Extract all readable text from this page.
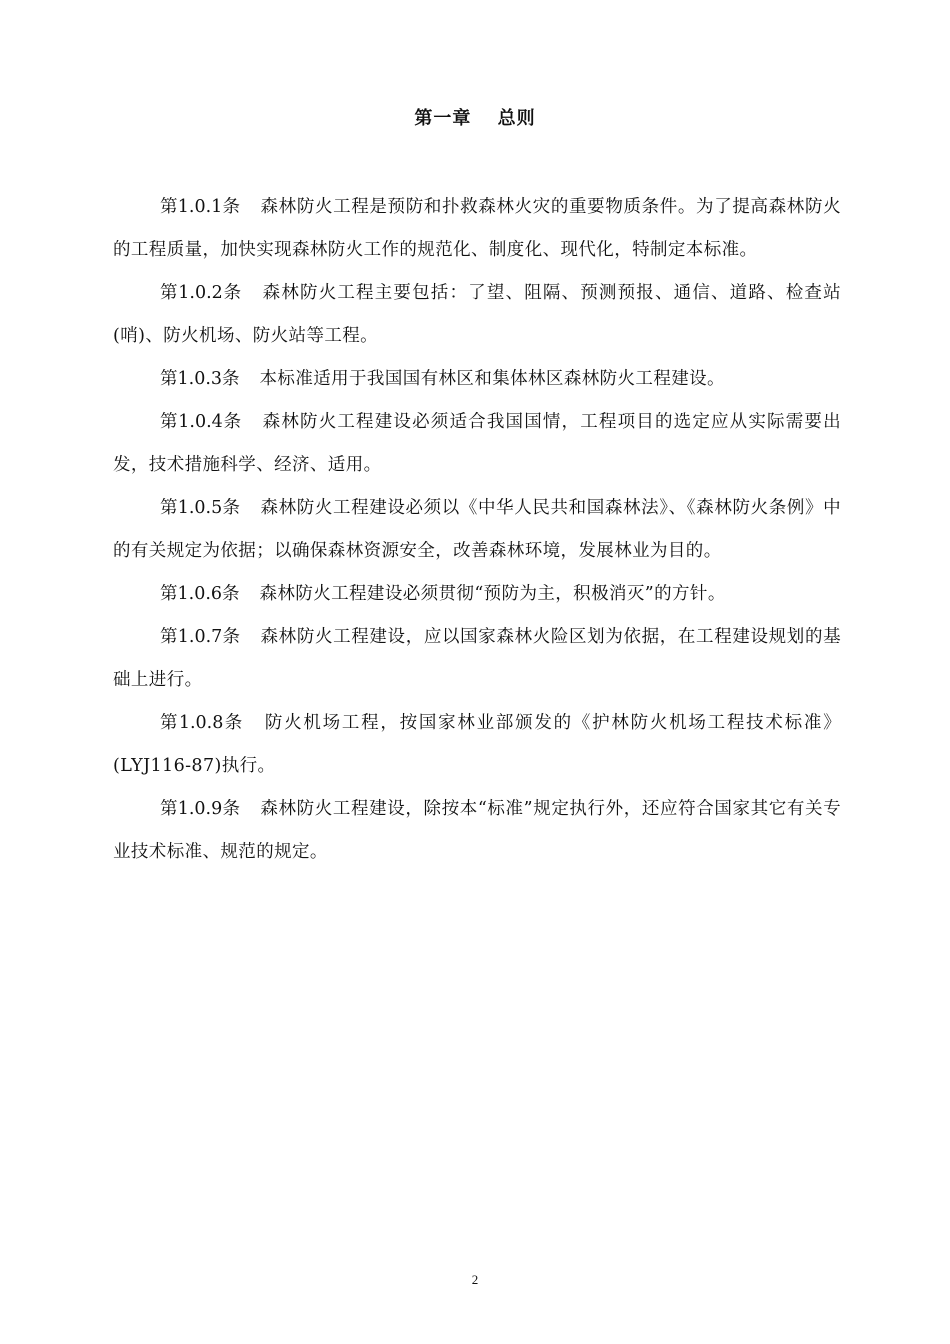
第一章　 总则

第1.0.1条 森林防火工程是预防和扑救森林火灾的重要物质条件。为了提高森林防火的工程质量，加快实现森林防火工作的规范化、制度化、现代化，特制定本标准。

第1.0.2条 森林防火工程主要包括：了望、阻隔、预测预报、通信、道路、检查站(哨)、防火机场、防火站等工程。

第1.0.3条 本标准适用于我国国有林区和集体林区森林防火工程建设。

第1.0.4条 森林防火工程建设必须适合我国国情，工程项目的选定应从实际需要出发，技术措施科学、经济、适用。

第1.0.5条 森林防火工程建设必须以《中华人民共和国森林法》、《森林防火条例》中的有关规定为依据；以确保森林资源安全，改善森林环境，发展林业为目的。

第1.0.6条 森林防火工程建设必须贯彻“预防为主，积极消灭”的方针。

第1.0.7条 森林防火工程建设，应以国家森林火险区划为依据，在工程建设规划的基础上进行。

第1.0.8条 防火机场工程，按国家林业部颁发的《护林防火机场工程技术标准》(LYJ116-87)执行。

第1.0.9条 森林防火工程建设，除按本“标准”规定执行外，还应符合国家其它有关专业技术标准、规范的规定。

2
